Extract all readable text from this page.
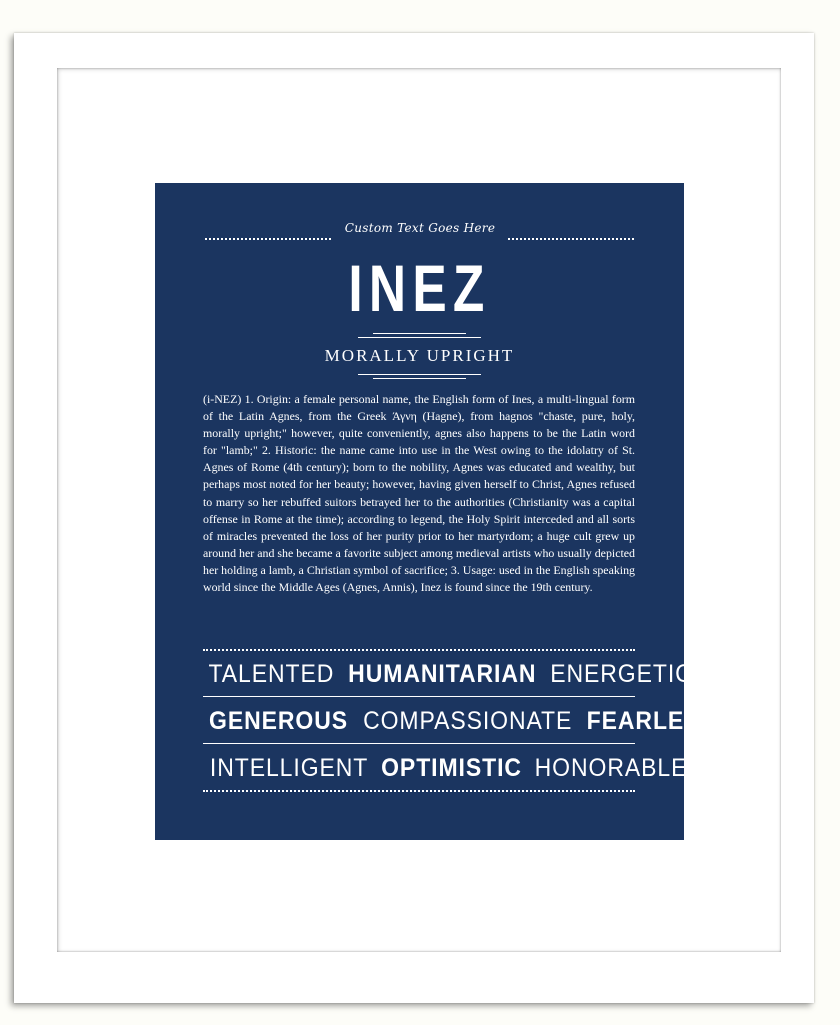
Custom Text Goes Here
INEZ
MORALLY UPRIGHT

(i-NEZ) 1. Origin: a female personal name, the English form of Ines, a multi-lingual form of the Latin Agnes, from the Greek Άγνη (Hagne), from hagnos "chaste, pure, holy, morally upright;" however, quite conveniently, agnes also happens to be the Latin word for "lamb;" 2. Historic: the name came into use in the West owing to the idolatry of St. Agnes of Rome (4th century); born to the nobility, Agnes was educated and wealthy, but perhaps most noted for her beauty; however, having given herself to Christ, Agnes refused to marry so her rebuffed suitors betrayed her to the authorities (Christianity was a capital offense in Rome at the time); according to legend, the Holy Spirit interceded and all sorts of miracles prevented the loss of her purity prior to her martyrdom; a huge cult grew up around her and she became a favorite subject among medieval artists who usually depicted her holding a lamb, a Christian symbol of sacrifice; 3. Usage: used in the English speaking world since the Middle Ages (Agnes, Annis), Inez is found since the 19th century.

TALENTED HUMANITARIAN ENERGETIC
GENEROUS COMPASSIONATE FEARLESS
INTELLIGENT OPTIMISTIC HONORABLE
